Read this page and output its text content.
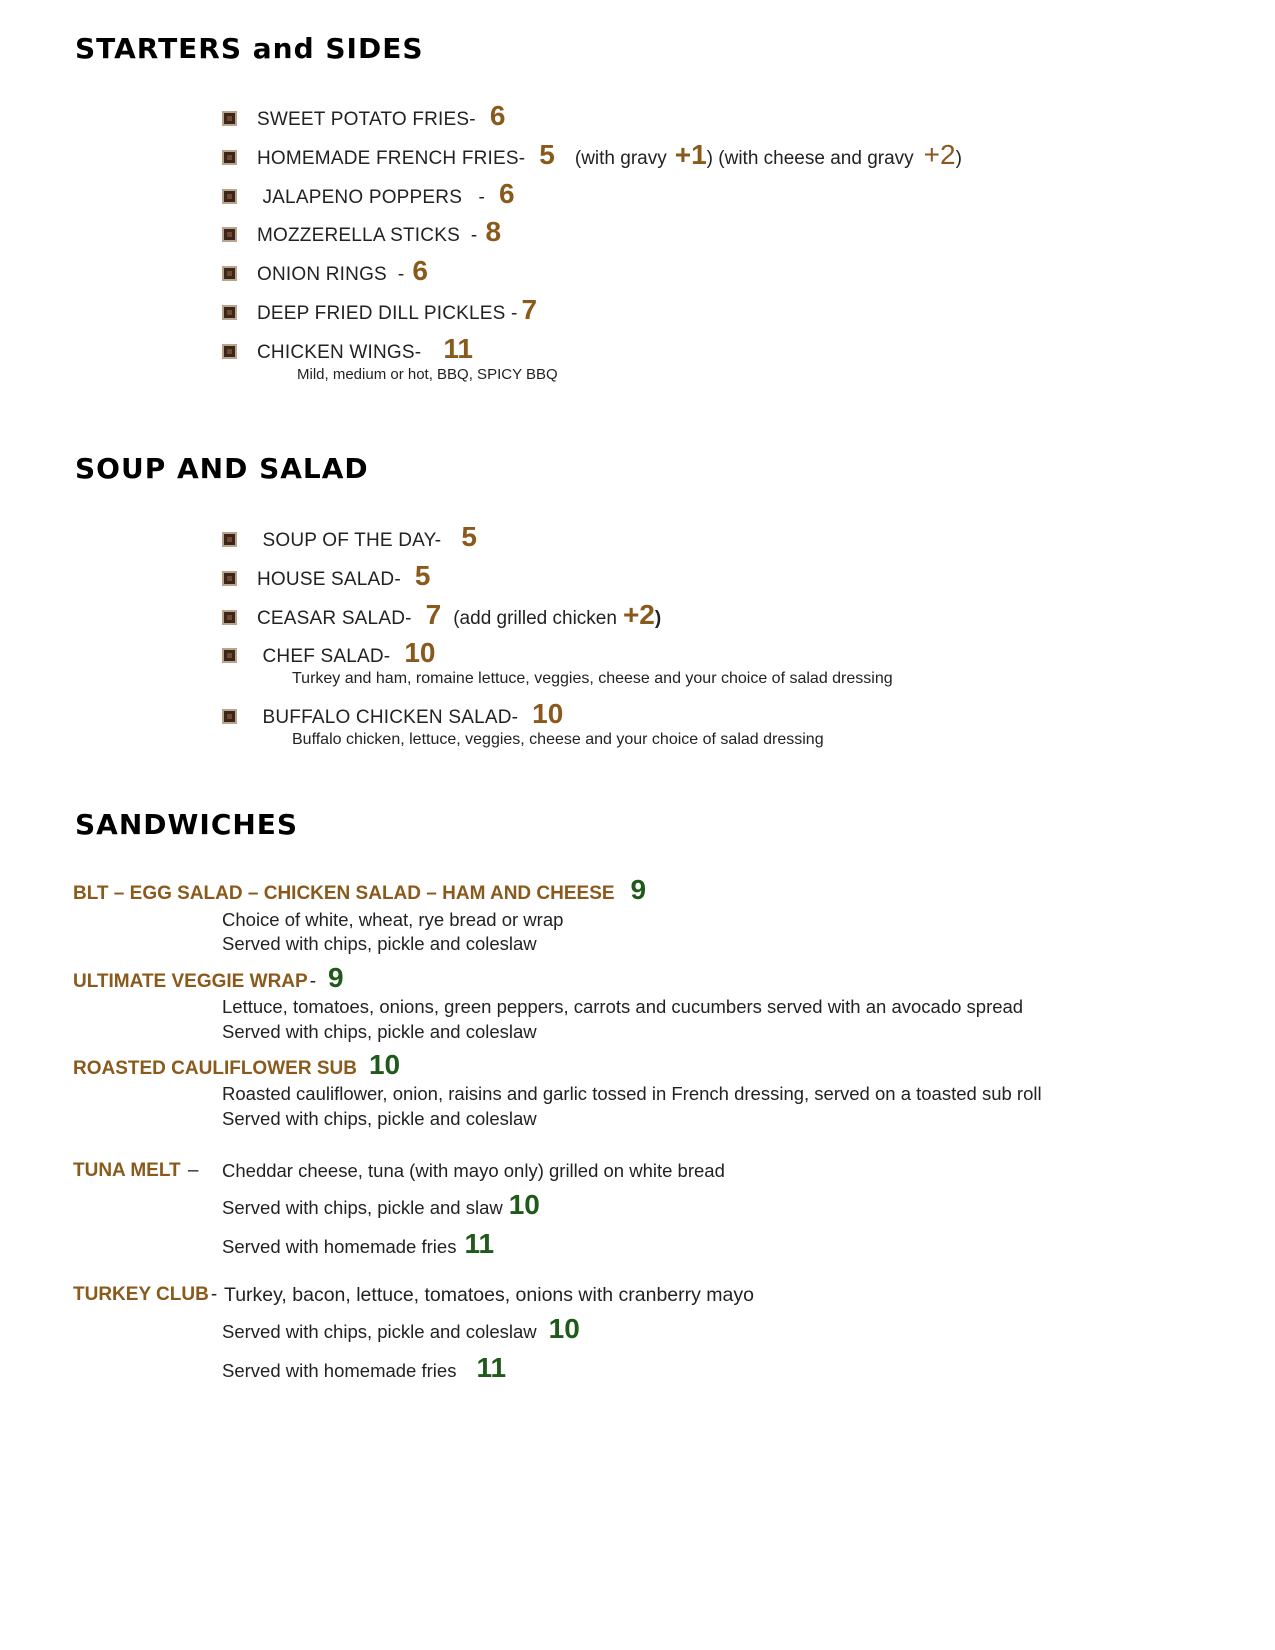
STARTERS and SIDES
SWEET POTATO FRIES- 6
HOMEMADE FRENCH FRIES- 5 (with gravy +1 ) (with cheese and gravy +2 )
JALAPENO POPPERS   - 6
MOZZERELLA STICKS  - 8
ONION RINGS  - 6
DEEP FRIED DILL PICKLES - 7
CHICKEN WINGS- 11
Mild, medium or hot, BBQ, SPICY BBQ
SOUP AND SALAD
SOUP OF THE DAY- 5
HOUSE SALAD- 5
CEASAR SALAD- 7 (add grilled chicken +2 )
CHEF SALAD- 10
Turkey and ham, romaine lettuce, veggies, cheese and your choice of salad dressing
BUFFALO CHICKEN SALAD- 10
Buffalo chicken, lettuce, veggies, cheese and your choice of salad dressing
SANDWICHES
BLT – EGG SALAD – CHICKEN SALAD – HAM AND CHEESE 9
Choice of white, wheat, rye bread or wrap
Served with chips, pickle and coleslaw
ULTIMATE VEGGIE WRAP - 9
Lettuce, tomatoes, onions, green peppers, carrots and cucumbers served with an avocado spread
Served with chips, pickle and coleslaw
ROASTED CAULIFLOWER SUB 10
Roasted cauliflower, onion, raisins and garlic tossed in French dressing, served on a toasted sub roll
Served with chips, pickle and coleslaw
TUNA MELT – Cheddar cheese, tuna (with mayo only) grilled on white bread
Served with chips, pickle and slaw 10
Served with homemade fries 11
TURKEY CLUB - Turkey, bacon, lettuce, tomatoes, onions with cranberry mayo
Served with chips, pickle and coleslaw 10
Served with homemade fries 11
